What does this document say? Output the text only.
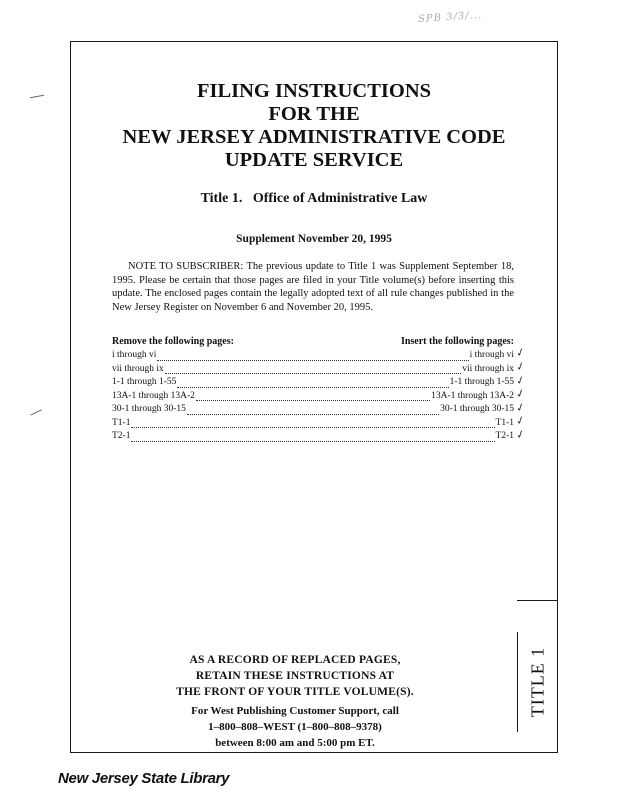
SPB 3/3/...
FILING INSTRUCTIONS
FOR THE
NEW JERSEY ADMINISTRATIVE CODE
UPDATE SERVICE
Title 1.   Office of Administrative Law
Supplement November 20, 1995

NOTE TO SUBSCRIBER: The previous update to Title 1 was Supplement September 18, 1995. Please be certain that those pages are filed in your Title volume(s) before inserting this update. The enclosed pages contain the legally adopted text of all rule changes published in the New Jersey Register on November 6 and November 20, 1995.

Remove the following pages:	Insert the following pages:
i through vi	i through vi
vii through ix	vii through ix
1-1 through 1-55	1-1 through 1-55
13A-1 through 13A-2	13A-1 through 13A-2
30-1 through 30-15	30-1 through 30-15
T1-1	T1-1
T2-1	T2-1
✓
✓
✓
✓
✓
✓
✓
TITLE 1
AS A RECORD OF REPLACED PAGES,
RETAIN THESE INSTRUCTIONS AT
THE FRONT OF YOUR TITLE VOLUME(S).
For West Publishing Customer Support, call
1–800–808–WEST (1–800–808–9378)
between 8:00 am and 5:00 pm ET.
New Jersey State Library
